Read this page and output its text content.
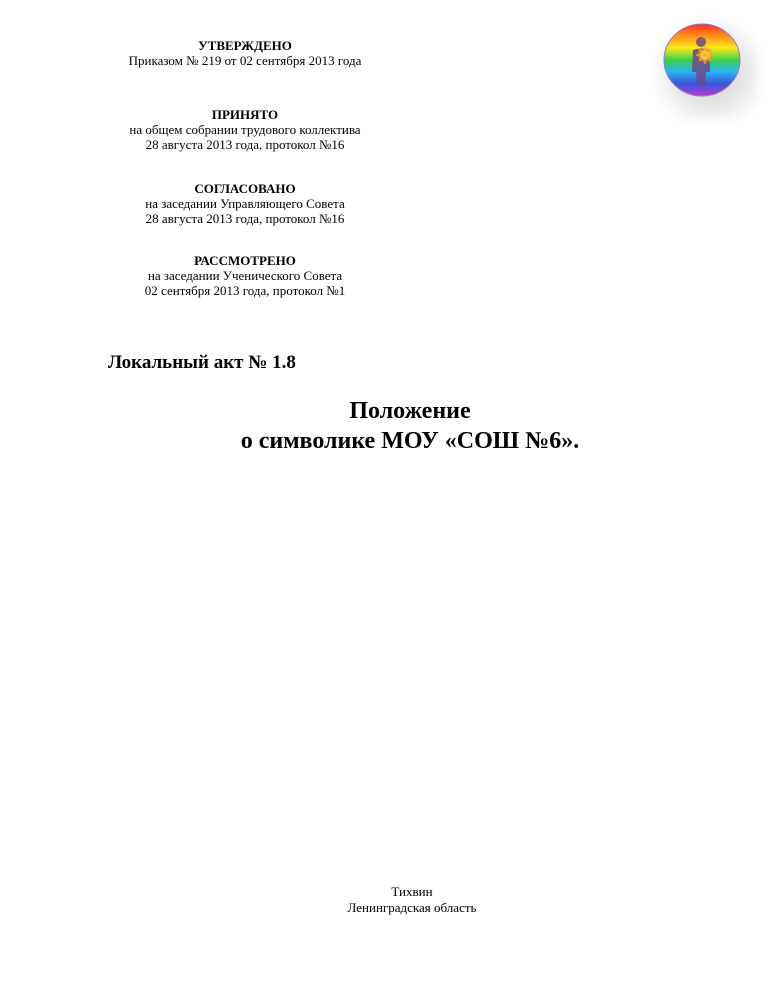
УТВЕРЖДЕНО
Приказом № 219 от 02 сентября 2013 года
ПРИНЯТО
на общем собрании трудового коллектива
28 августа 2013 года, протокол №16
СОГЛАСОВАНО
на заседании Управляющего Совета
28 августа 2013 года, протокол №16
РАССМОТРЕНО
на заседании Ученического Совета
02 сентября 2013 года, протокол №1
Локальный акт № 1.8
Положение
о символике МОУ «СОШ №6».
Тихвин
Ленинградская область
